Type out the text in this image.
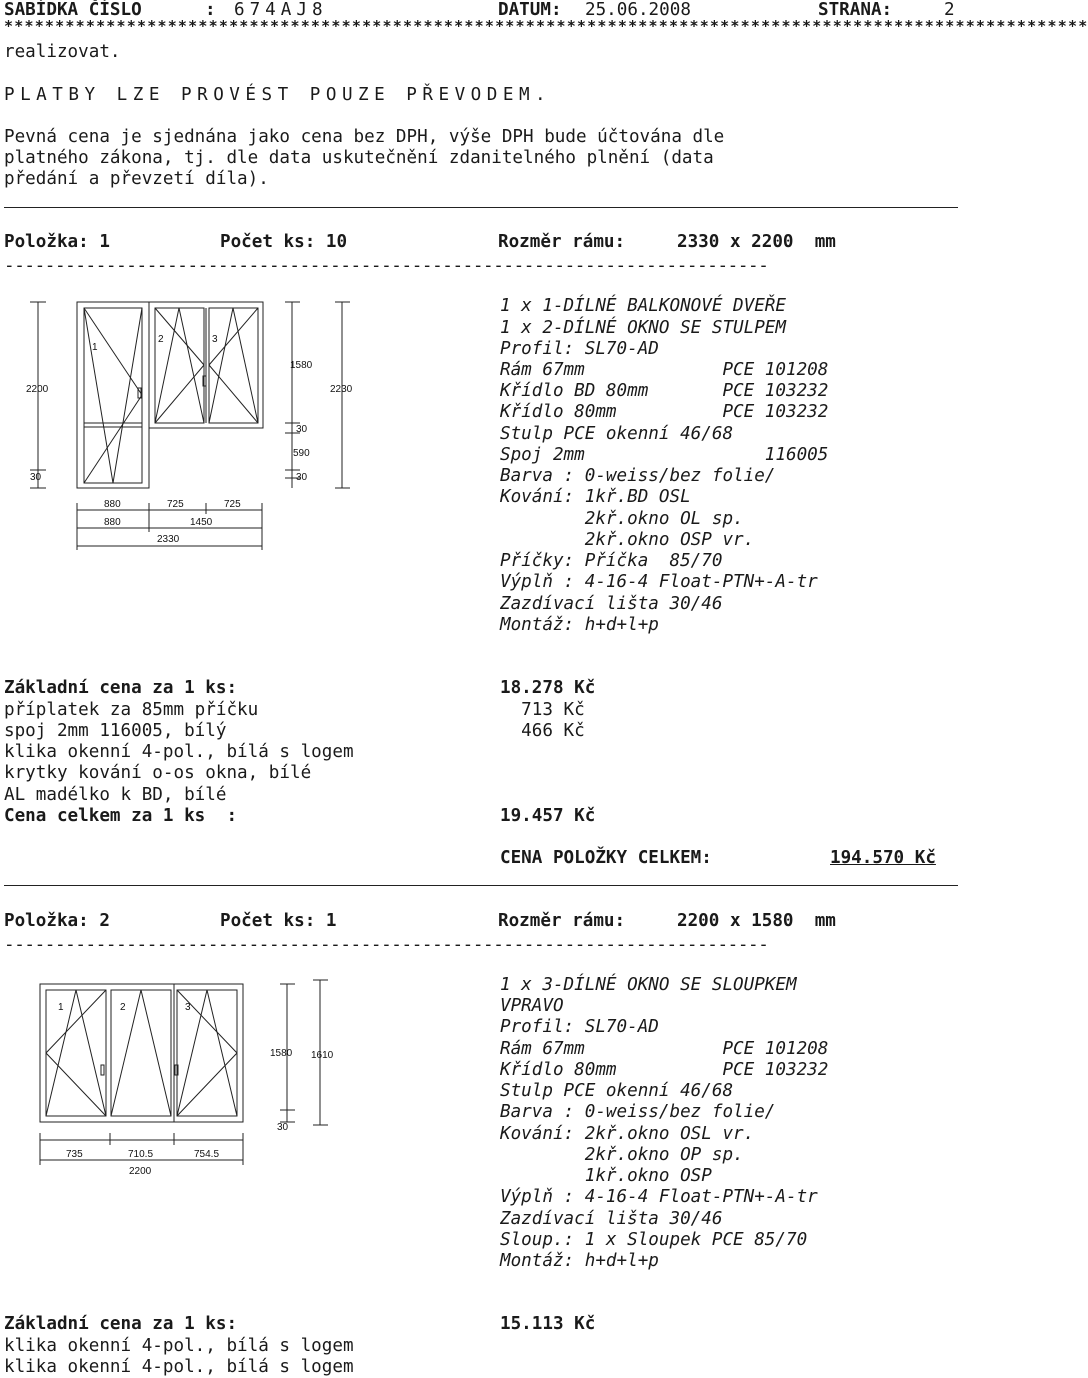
SABÍDKA ČÍSLO	: 674AJ8	DATUM: 25.06.2008	STRANA:	2
**********************************************************************************************************
realizovat.
PLATBY LZE PROVÉST POUZE PŘEVODEM.
Pevná cena je sjednána jako cena bez DPH, výše DPH bude účtována dle
platného zákona, tj. dle data uskutečnění zdanitelného plnění (data
předání a převzetí díla).
Položka: 1	Počet ks: 10	Rozměr rámu:	2330 x 2200  mm
---------------------------------------------------------------------------
2200
30
1
2	3
880	725	725
880	1450
2330
1580
30
590
30
2230
1 x 1-DÍLNÉ BALKONOVÉ DVEŘE
1 x 2-DÍLNÉ OKNO SE STULPEM
Profil: SL70-AD
Rám 67mm             PCE 101208
Křídlo BD 80mm       PCE 103232
Křídlo 80mm          PCE 103232
Stulp PCE okenní 46/68
Spoj 2mm                 116005
Barva : 0-weiss/bez folie/
Kování: 1kř.BD OSL
2kř.okno OL sp.
2kř.okno OSP vr.
Příčky: Příčka  85/70
Výplň : 4-16-4 Float-PTN+-A-tr
Zazdívací lišta 30/46
Montáž: h+d+l+p
Základní cena za 1 ks:	18.278 Kč
příplatek za 85mm příčku	713 Kč
spoj 2mm 116005, bílý	466 Kč
klika okenní 4-pol., bílá s logem
krytky kování o-os okna, bílé
AL madélko k BD, bílé
Cena celkem za 1 ks  :	19.457 Kč
CENA POLOŽKY CELKEM:	194.570 Kč
Položka: 2	Počet ks: 1	Rozměr rámu:	2200 x 1580  mm
---------------------------------------------------------------------------
1	2	3
735	710.5	754.5
2200
1580 1610
30
1 x 3-DÍLNÉ OKNO SE SLOUPKEM
VPRAVO
Profil: SL70-AD
Rám 67mm             PCE 101208
Křídlo 80mm          PCE 103232
Stulp PCE okenní 46/68
Barva : 0-weiss/bez folie/
Kování: 2kř.okno OSL vr.
2kř.okno OP sp.
1kř.okno OSP
Výplň : 4-16-4 Float-PTN+-A-tr
Zazdívací lišta 30/46
Sloup.: 1 x Sloupek PCE 85/70
Montáž: h+d+l+p
Základní cena za 1 ks:	15.113 Kč
klika okenní 4-pol., bílá s logem
klika okenní 4-pol., bílá s logem
